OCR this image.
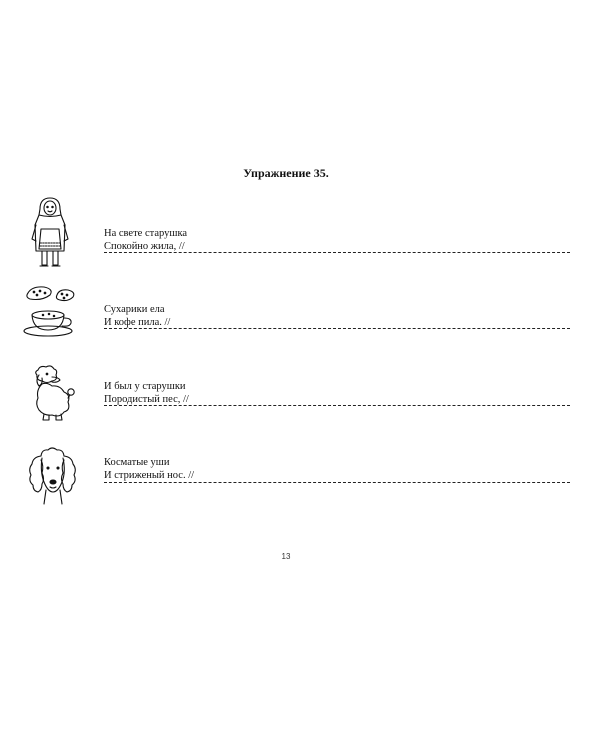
Упражнение 35.
На свете старушка
Спокойно жила, //
Сухарики ела
И кофе пила. //
И был у старушки
Породистый пес, //
Косматые уши
И стриженый нос. //
13
